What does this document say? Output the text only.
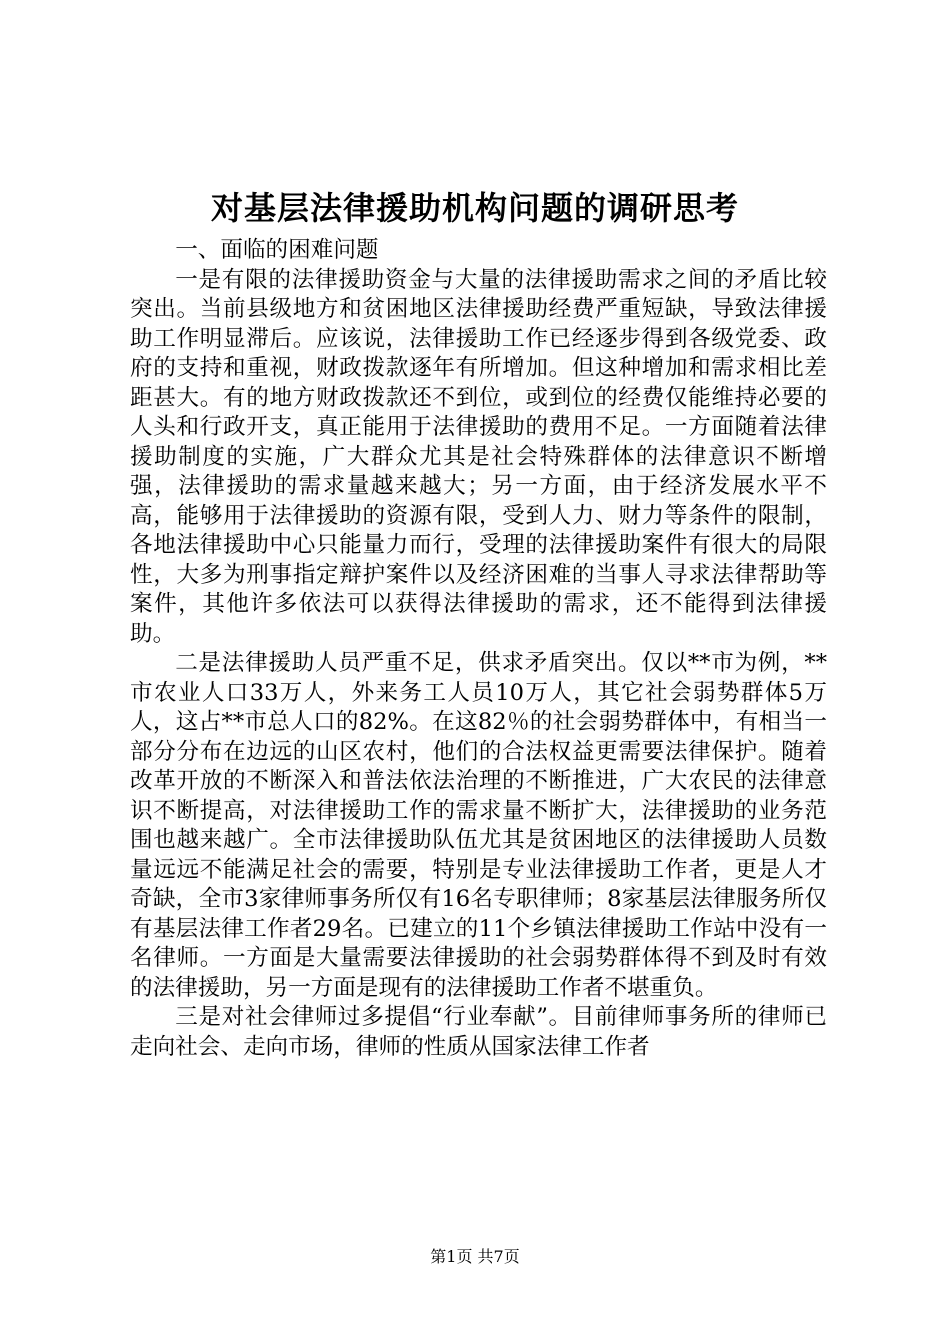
对基层法律援助机构问题的调研思考

一、面临的困难问题

一是有限的法律援助资金与大量的法律援助需求之间的矛盾比较突出。当前县级地方和贫困地区法律援助经费严重短缺，导致法律援助工作明显滞后。应该说，法律援助工作已经逐步得到各级党委、政府的支持和重视，财政拨款逐年有所增加。但这种增加和需求相比差距甚大。有的地方财政拨款还不到位，或到位的经费仅能维持必要的人头和行政开支，真正能用于法律援助的费用不足。一方面随着法律援助制度的实施，广大群众尤其是社会特殊群体的法律意识不断增强，法律援助的需求量越来越大；另一方面，由于经济发展水平不高，能够用于法律援助的资源有限，受到人力、财力等条件的限制，各地法律援助中心只能量力而行，受理的法律援助案件有很大的局限性，大多为刑事指定辩护案件以及经济困难的当事人寻求法律帮助等案件，其他许多依法可以获得法律援助的需求，还不能得到法律援助。

二是法律援助人员严重不足，供求矛盾突出。仅以**市为例，**市农业人口33万人，外来务工人员10万人，其它社会弱势群体5万人，这占**市总人口的82%。在这82％的社会弱势群体中，有相当一部分分布在边远的山区农村，他们的合法权益更需要法律保护。随着改革开放的不断深入和普法依法治理的不断推进，广大农民的法律意识不断提高，对法律援助工作的需求量不断扩大，法律援助的业务范围也越来越广。全市法律援助队伍尤其是贫困地区的法律援助人员数量远远不能满足社会的需要，特别是专业法律援助工作者，更是人才奇缺，全市3家律师事务所仅有16名专职律师；8家基层法律服务所仅有基层法律工作者29名。已建立的11个乡镇法律援助工作站中没有一名律师。一方面是大量需要法律援助的社会弱势群体得不到及时有效的法律援助，另一方面是现有的法律援助工作者不堪重负。

三是对社会律师过多提倡“行业奉献”。目前律师事务所的律师已走向社会、走向市场，律师的性质从国家法律工作者

第1页 共7页
